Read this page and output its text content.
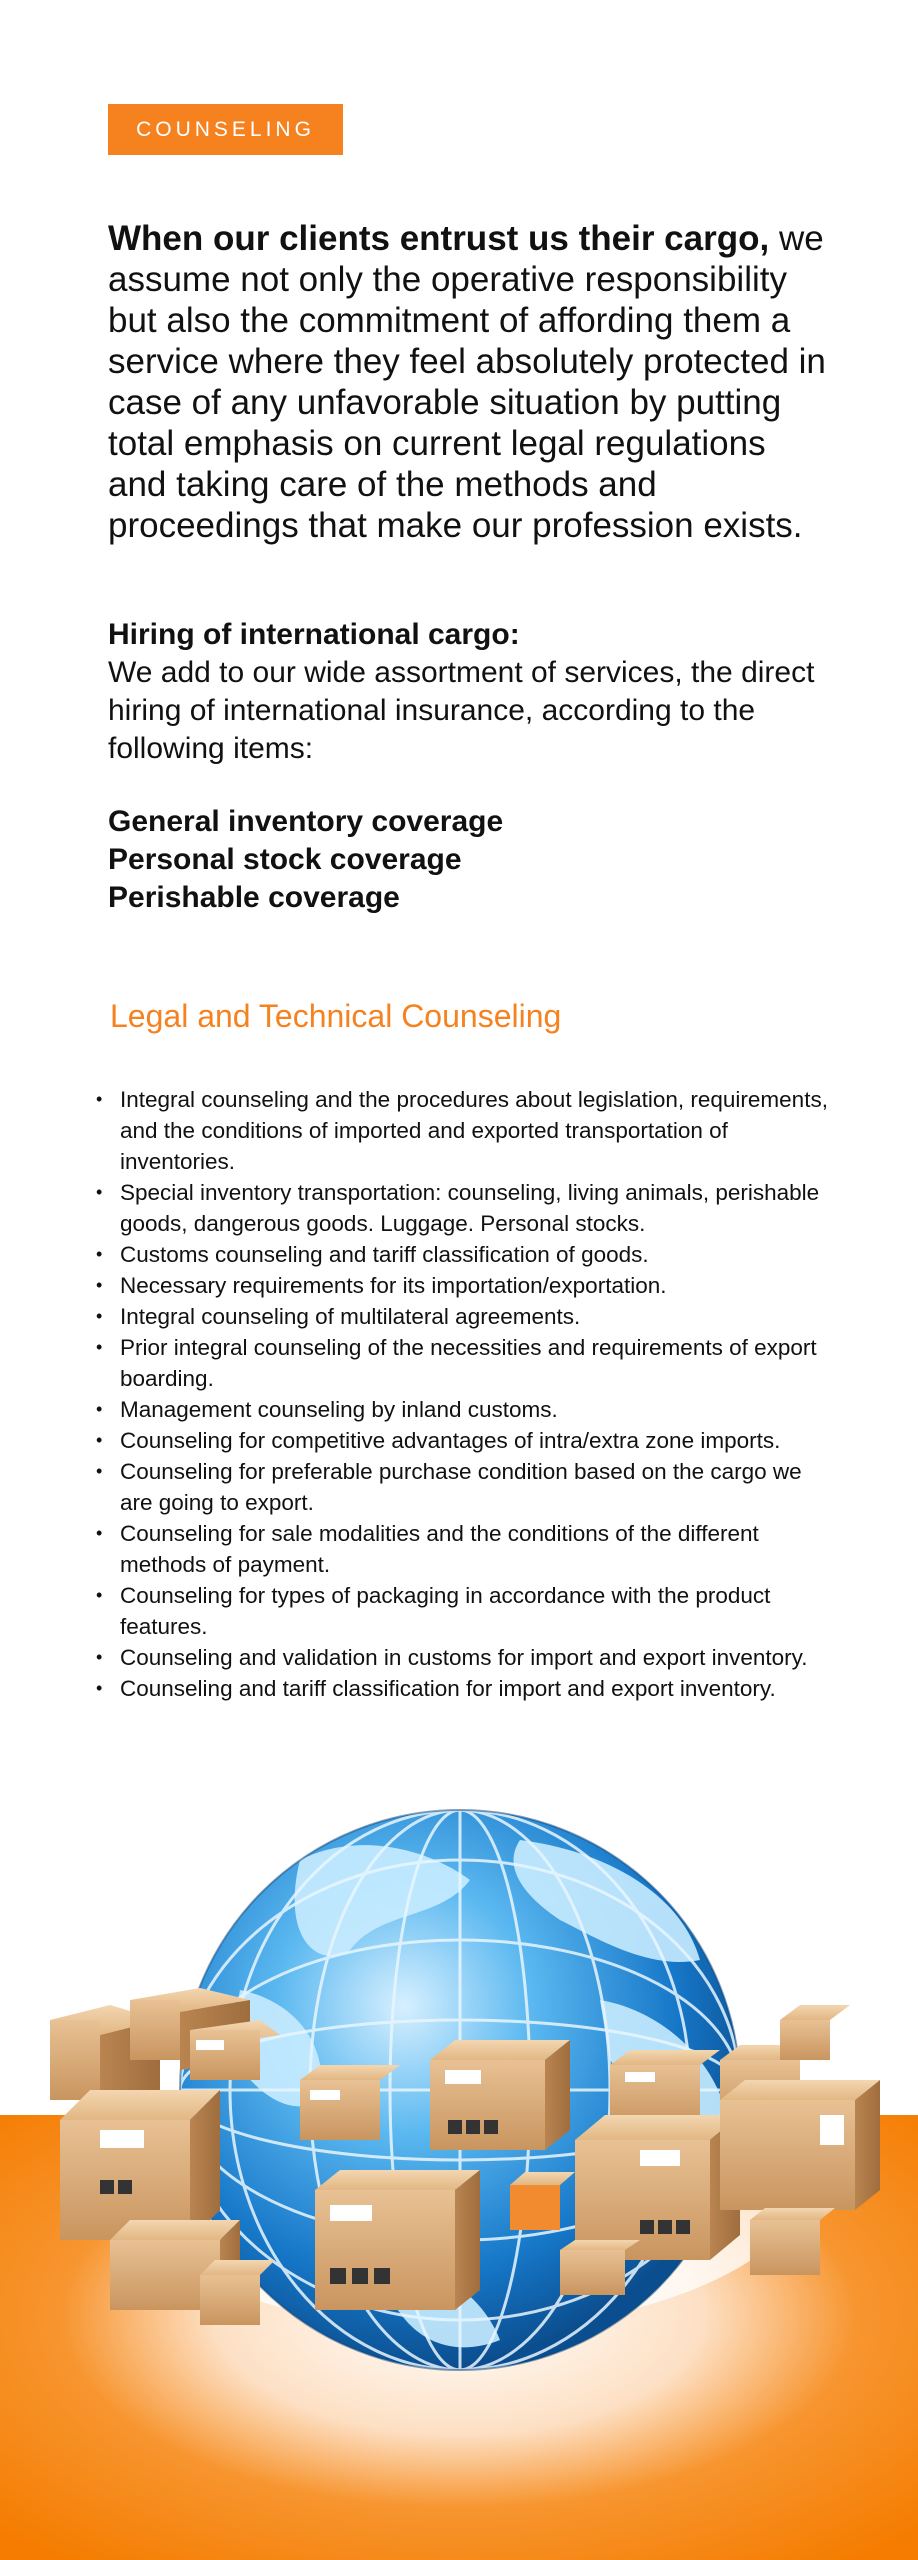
COUNSELING

When our clients entrust us their cargo, we assume not only the operative responsibility but also the commitment of affording them a service where they feel absolutely protected in case of any unfavorable situation by putting total emphasis on current legal regulations and taking care of the methods and proceedings that make our profession exists.

Hiring of international cargo:

We add to our wide assortment of services, the direct hiring of international insurance, according to the following items:

General inventory coverage
Personal stock coverage
Perishable coverage
Legal and Technical Counseling
• Integral counseling and the procedures about legislation, requirements, and the conditions of imported and exported transportation of inventories.
• Special inventory transportation: counseling, living animals, perishable goods, dangerous goods. Luggage. Personal stocks.
• Customs counseling and tariff classification of goods.
• Necessary requirements for its importation/exportation.
• Integral counseling of multilateral agreements.
• Prior integral counseling of the necessities and requirements of export boarding.
• Management counseling by inland customs.
• Counseling for competitive advantages of intra/extra zone imports.
• Counseling for preferable purchase condition based on the cargo we are going to export.
• Counseling for sale modalities and the conditions of the different methods of payment.
• Counseling for types of packaging in accordance with the product features.
• Counseling and validation in customs for import and export inventory.
• Counseling and tariff classification for import and export inventory.
